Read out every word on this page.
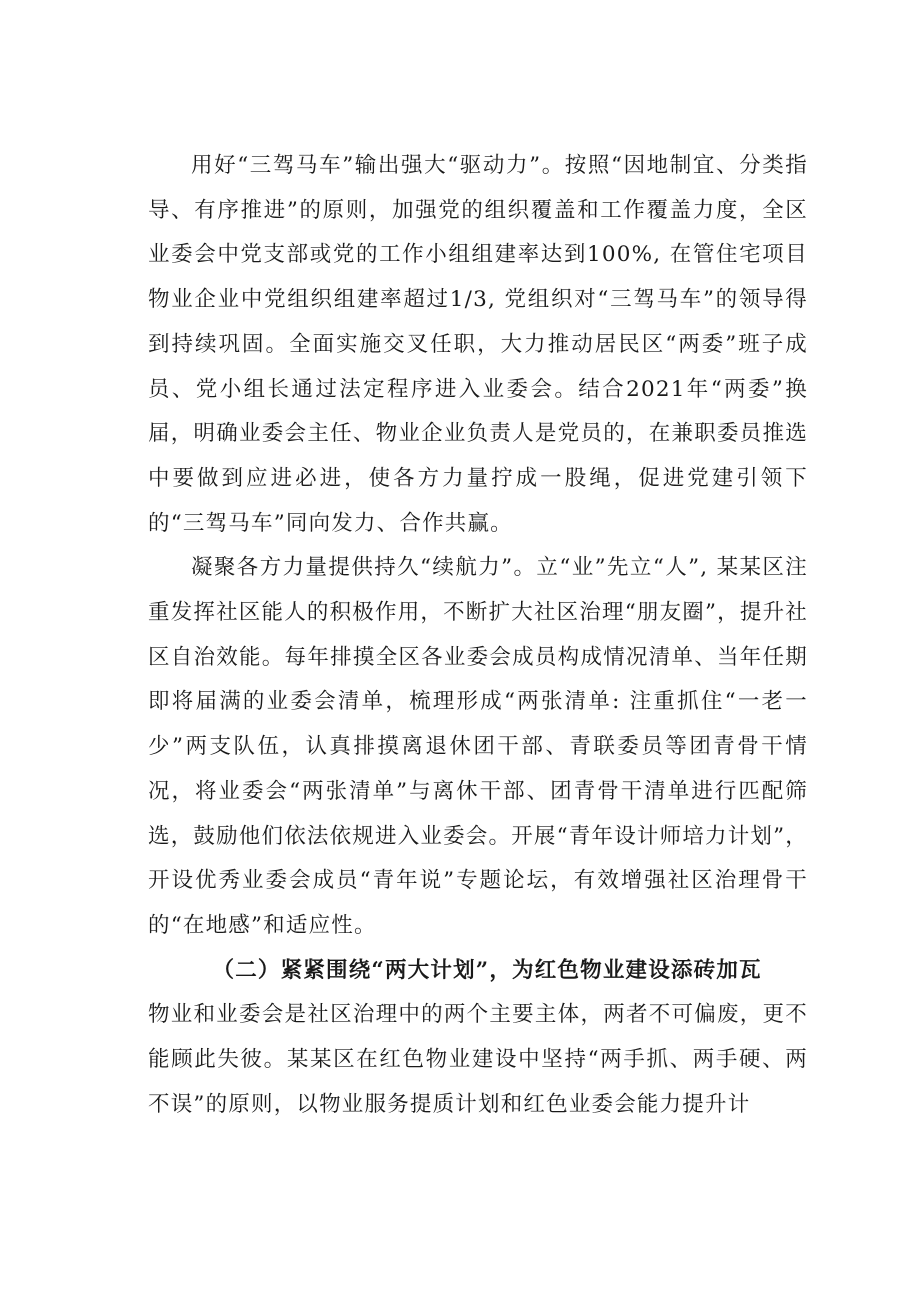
用好“三驾马车”输出强大“驱动力”。按照“因地制宜、分类指导、有序推进”的原则，加强党的组织覆盖和工作覆盖力度，全区业委会中党支部或党的工作小组组建率达到100%, 在管住宅项目物业企业中党组织组建率超过1/3, 党组织对“三驾马车”的领导得到持续巩固。全面实施交叉任职，大力推动居民区“两委”班子成员、党小组长通过法定程序进入业委会。结合2021年“两委”换届，明确业委会主任、物业企业负责人是党员的，在兼职委员推选中要做到应进必进，使各方力量拧成一股绳，促进党建引领下的“三驾马车”同向发力、合作共赢。

凝聚各方力量提供持久“续航力”。立“业”先立“人”, 某某区注重发挥社区能人的积极作用，不断扩大社区治理“朋友圈”，提升社区自治效能。每年排摸全区各业委会成员构成情况清单、当年任期即将届满的业委会清单，梳理形成“两张清单: 注重抓住“一老一少”两支队伍，认真排摸离退休团干部、青联委员等团青骨干情况，将业委会“两张清单”与离休干部、团青骨干清单进行匹配筛选，鼓励他们依法依规进入业委会。开展“青年设计师培力计划”，开设优秀业委会成员“青年说”专题论坛，有效增强社区治理骨干的“在地感”和适应性。

（二）紧紧围绕“两大计划”，为红色物业建设添砖加瓦

物业和业委会是社区治理中的两个主要主体，两者不可偏废，更不能顾此失彼。某某区在红色物业建设中坚持“两手抓、两手硬、两不误”的原则，以物业服务提质计划和红色业委会能力提升计
